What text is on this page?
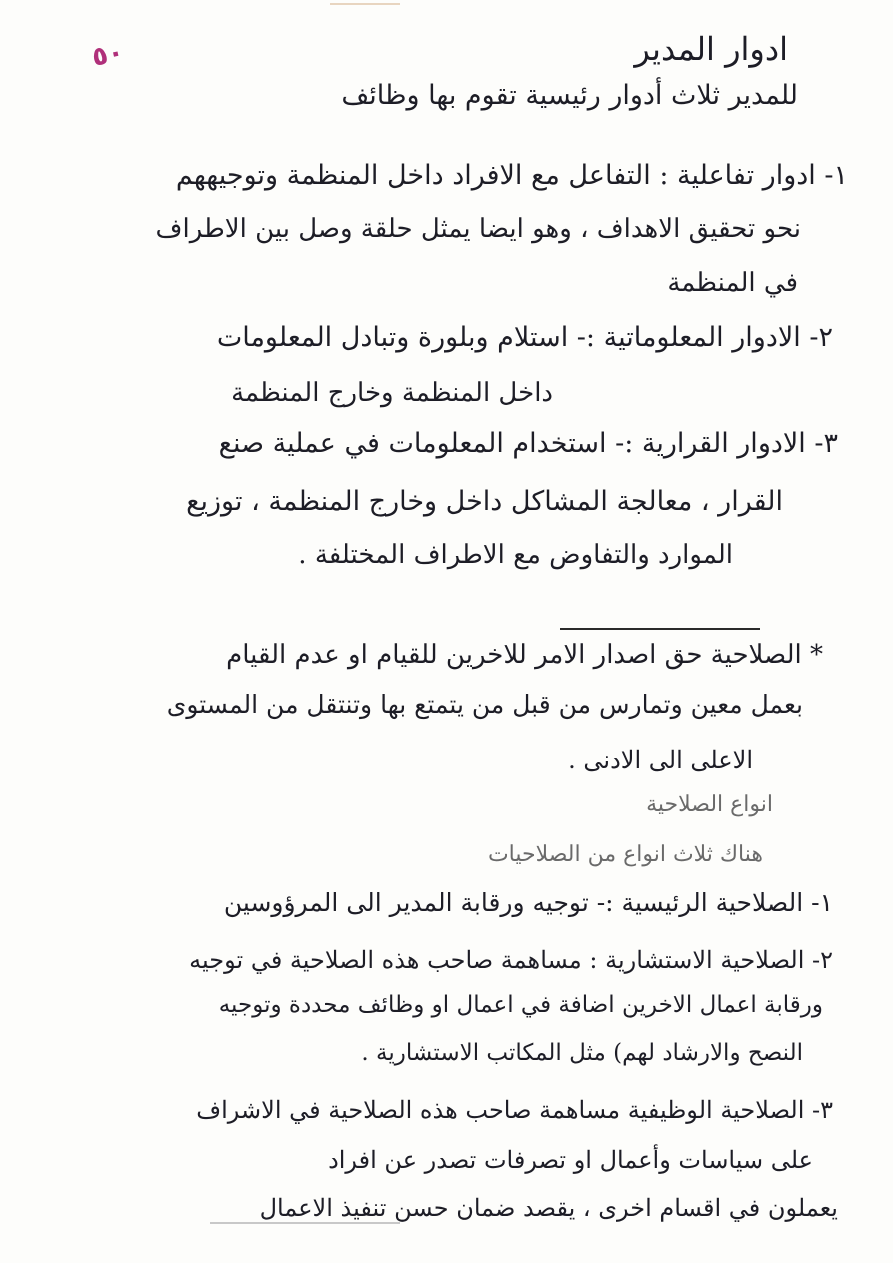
٥٠	ادوار المدير
للمدير ثلاث أدوار رئيسية تقوم بها وظائف
١- ادوار تفاعلية : التفاعل مع الافراد داخل المنظمة وتوجيههم
نحو تحقيق الاهداف ، وهو ايضا يمثل حلقة وصل بين الاطراف
في المنظمة
٢- الادوار المعلوماتية :- استلام وبلورة وتبادل المعلومات
داخل المنظمة وخارج المنظمة
٣- الادوار القرارية :- استخدام المعلومات في عملية صنع
القرار ، معالجة المشاكل داخل وخارج المنظمة ، توزيع
الموارد والتفاوض مع الاطراف المختلفة .
* الصلاحية حق اصدار الامر للاخرين للقيام او عدم القيام
بعمل معين وتمارس من قبل من يتمتع بها وتنتقل من المستوى
الاعلى الى الادنى .
انواع الصلاحية
هناك ثلاث انواع من الصلاحيات
١- الصلاحية الرئيسية :- توجيه ورقابة المدير الى المرؤوسين
٢- الصلاحية الاستشارية : مساهمة صاحب هذه الصلاحية في توجيه
ورقابة اعمال الاخرين اضافة في اعمال او وظائف محددة وتوجيه
النصح والارشاد لهم) مثل المكاتب الاستشارية .
٣- الصلاحية الوظيفية مساهمة صاحب هذه الصلاحية في الاشراف
على سياسات وأعمال او تصرفات تصدر عن افراد
يعملون في اقسام اخرى ، يقصد ضمان حسن تنفيذ الاعمال
